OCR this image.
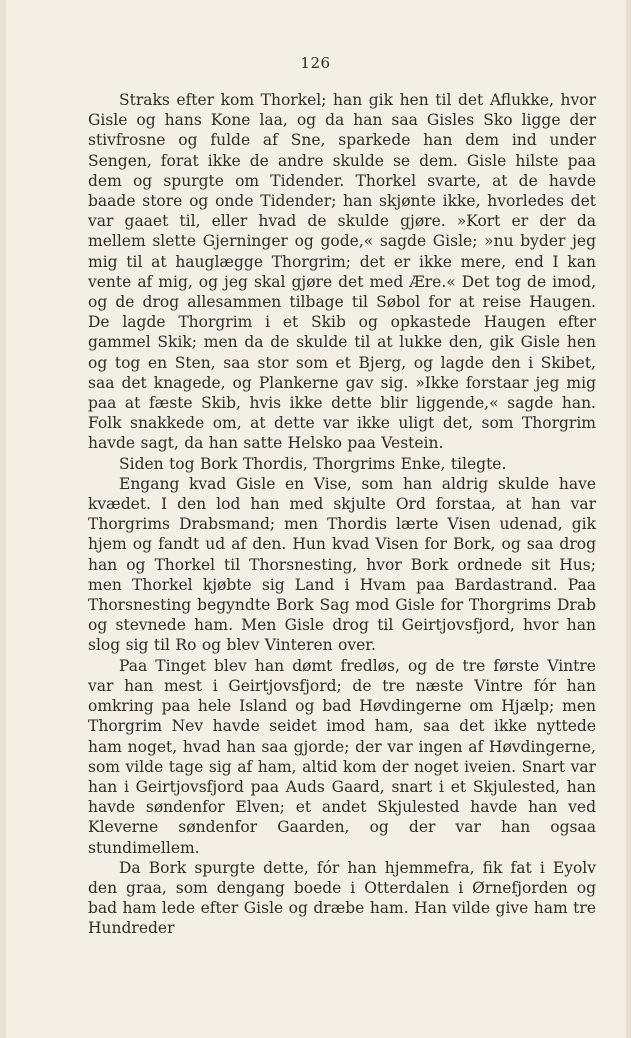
126

Straks efter kom Thorkel; han gik hen til det Aflukke, hvor Gisle og hans Kone laa, og da han saa Gisles Sko ligge der stivfrosne og fulde af Sne, sparkede han dem ind under Sengen, forat ikke de andre skulde se dem. Gisle hilste paa dem og spurgte om Tidender. Thorkel svarte, at de havde baade store og onde Tidender; han skjønte ikke, hvorledes det var gaaet til, eller hvad de skulde gjøre. »Kort er der da mellem slette Gjerninger og gode,« sagde Gisle; »nu byder jeg mig til at hauglægge Thorgrim; det er ikke mere, end I kan vente af mig, og jeg skal gjøre det med Ære.« Det tog de imod, og de drog allesammen tilbage til Søbol for at reise Haugen. De lagde Thorgrim i et Skib og opkastede Haugen efter gammel Skik; men da de skulde til at lukke den, gik Gisle hen og tog en Sten, saa stor som et Bjerg, og lagde den i Skibet, saa det knagede, og Plankerne gav sig. »Ikke forstaar jeg mig paa at fæste Skib, hvis ikke dette blir liggende,« sagde han. Folk snakkede om, at dette var ikke uligt det, som Thorgrim havde sagt, da han satte Helsko paa Vestein.

Siden tog Bork Thordis, Thorgrims Enke, tilegte.

Engang kvad Gisle en Vise, som han aldrig skulde have kvædet. I den lod han med skjulte Ord forstaa, at han var Thorgrims Drabsmand; men Thordis lærte Visen udenad, gik hjem og fandt ud af den. Hun kvad Visen for Bork, og saa drog han og Thorkel til Thorsnesting, hvor Bork ordnede sit Hus; men Thorkel kjøbte sig Land i Hvam paa Bardastrand. Paa Thorsnesting begyndte Bork Sag mod Gisle for Thorgrims Drab og stevnede ham. Men Gisle drog til Geirtjovsfjord, hvor han slog sig til Ro og blev Vinteren over.

Paa Tinget blev han dømt fredløs, og de tre første Vintre var han mest i Geirtjovsfjord; de tre næste Vintre fór han omkring paa hele Island og bad Høvdingerne om Hjælp; men Thorgrim Nev havde seidet imod ham, saa det ikke nyttede ham noget, hvad han saa gjorde; der var ingen af Høvdingerne, som vilde tage sig af ham, altid kom der noget iveien. Snart var han i Geirtjovsfjord paa Auds Gaard, snart i et Skjulested, han havde søndenfor Elven; et andet Skjulested havde han ved Kleverne søndenfor Gaarden, og der var han ogsaa stundimellem.

Da Bork spurgte dette, fór han hjemmefra, fik fat i Eyolv den graa, som dengang boede i Otterdalen i Ørnefjorden og bad ham lede efter Gisle og dræbe ham. Han vilde give ham tre Hundreder
